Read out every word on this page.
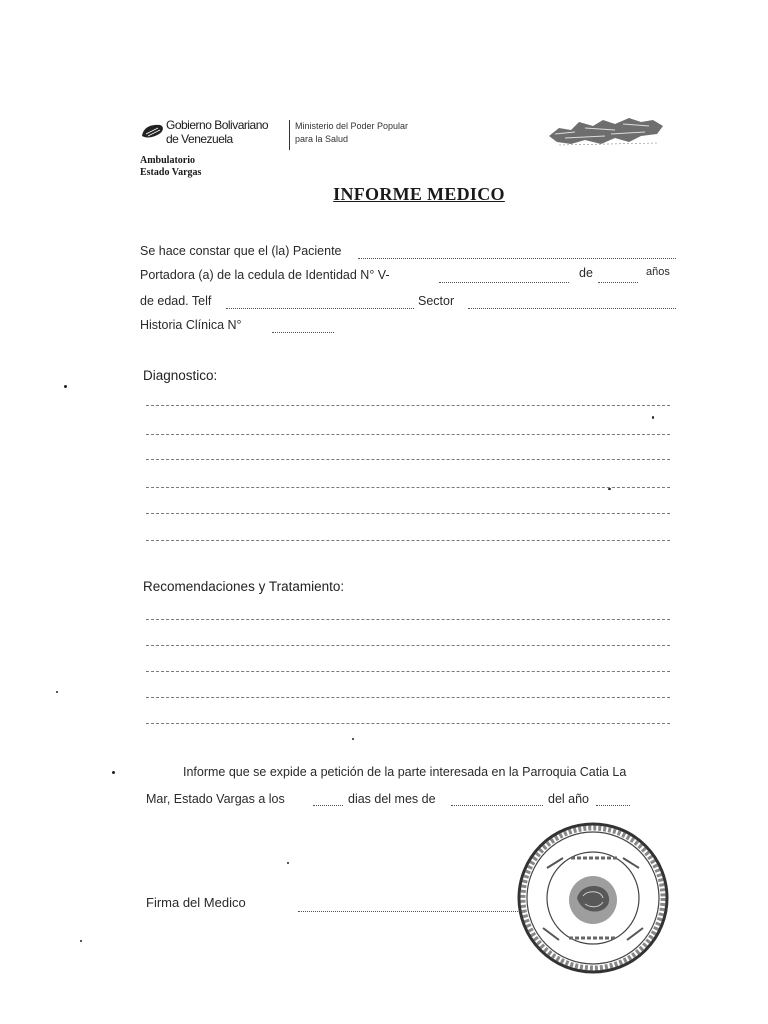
Gobierno Bolivariano
de Venezuela
Ministerio del Poder Popular
para la Salud
Ambulatorio
Estado Vargas
INFORME MEDICO
Se hace constar que el (la) Paciente
Portadora (a) de la cedula de Identidad N° V-	de	años
de edad. Telf	Sector
Historia Clínica N°
Diagnostico:
Recomendaciones y Tratamiento:
Informe que se expide a petición de la parte interesada en la Parroquia Catia La
Mar, Estado Vargas a los	dias del mes de	del año
Firma del Medico
